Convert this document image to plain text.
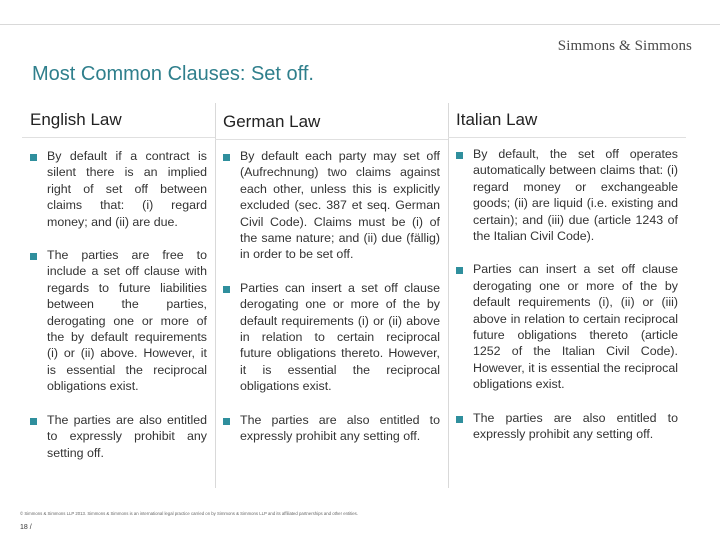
Simmons & Simmons
Most Common Clauses: Set off.
English Law
By default if a contract is silent there is an implied right of set off between claims that: (i) regard money; and (ii) are due.
The parties are free to include a set off clause with regards to future liabilities between the parties, derogating one or more of the by default requirements (i) or (ii) above. However, it is essential the reciprocal obligations exist.
The parties are also entitled to expressly prohibit any setting off.
German Law
By default each party may set off (Aufrechnung) two claims against each other, unless this is explicitly excluded (sec. 387 et seq. German Civil Code). Claims must be (i) of the same nature; and (ii) due (fällig) in order to be set off.
Parties can insert a set off clause derogating one or more of the by default requirements (i) or (ii) above in relation to certain reciprocal future obligations thereto. However, it is essential the reciprocal obligations exist.
The parties are also entitled to expressly prohibit any setting off.
Italian Law
By default, the set off operates automatically between claims that: (i) regard money or exchangeable goods; (ii) are liquid (i.e. existing and certain); and (iii) due (article 1243 of the Italian Civil Code).
Parties can insert a set off clause derogating one or more of the by default requirements (i), (ii) or (iii) above in relation to certain reciprocal future obligations thereto (article 1252 of the Italian Civil Code). However, it is essential the reciprocal obligations exist.
The parties are also entitled to expressly prohibit any setting off.
© Simmons & Simmons LLP 2013. Simmons & Simmons is an international legal practice carried on by Simmons & Simmons LLP and its affiliated partnerships and other entities.
18 /
